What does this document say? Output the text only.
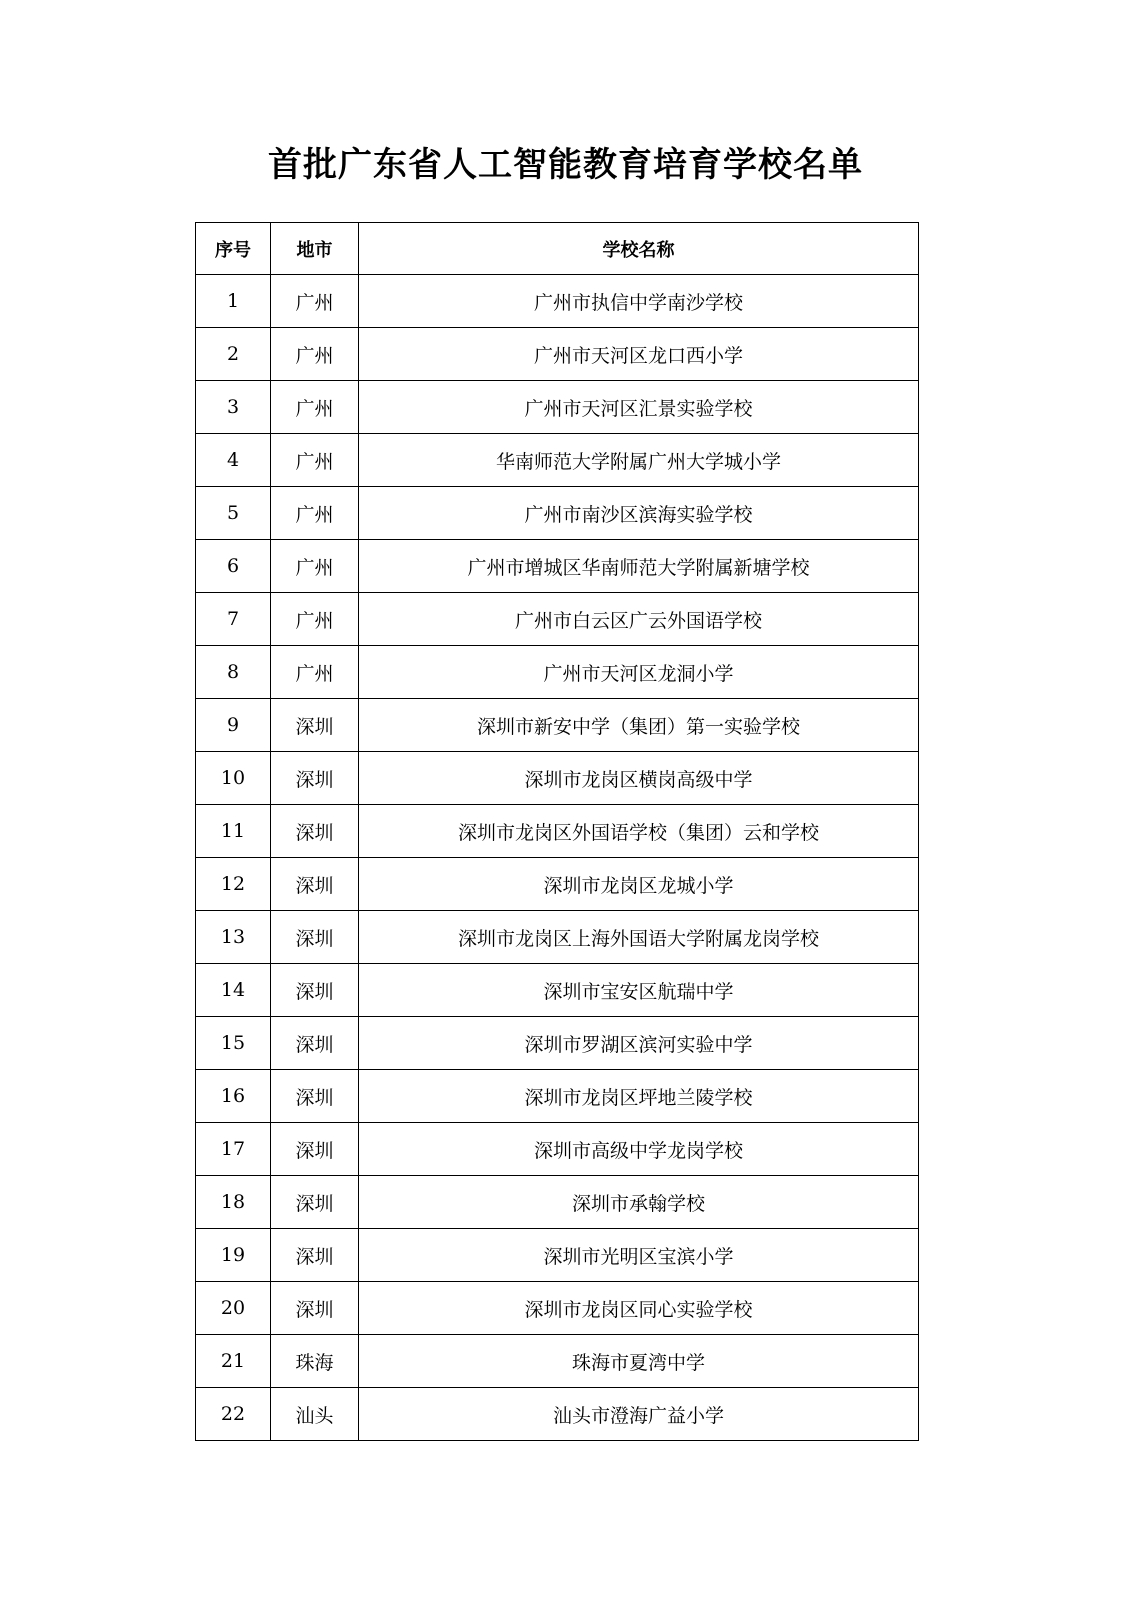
首批广东省人工智能教育培育学校名单
序号	地市	学校名称
1	广州	广州市执信中学南沙学校
2	广州	广州市天河区龙口西小学
3	广州	广州市天河区汇景实验学校
4	广州	华南师范大学附属广州大学城小学
5	广州	广州市南沙区滨海实验学校
6	广州	广州市增城区华南师范大学附属新塘学校
7	广州	广州市白云区广云外国语学校
8	广州	广州市天河区龙洞小学
9	深圳	深圳市新安中学（集团）第一实验学校
10	深圳	深圳市龙岗区横岗高级中学
11	深圳	深圳市龙岗区外国语学校（集团）云和学校
12	深圳	深圳市龙岗区龙城小学
13	深圳	深圳市龙岗区上海外国语大学附属龙岗学校
14	深圳	深圳市宝安区航瑞中学
15	深圳	深圳市罗湖区滨河实验中学
16	深圳	深圳市龙岗区坪地兰陵学校
17	深圳	深圳市高级中学龙岗学校
18	深圳	深圳市承翰学校
19	深圳	深圳市光明区宝滨小学
20	深圳	深圳市龙岗区同心实验学校
21	珠海	珠海市夏湾中学
22	汕头	汕头市澄海广益小学
